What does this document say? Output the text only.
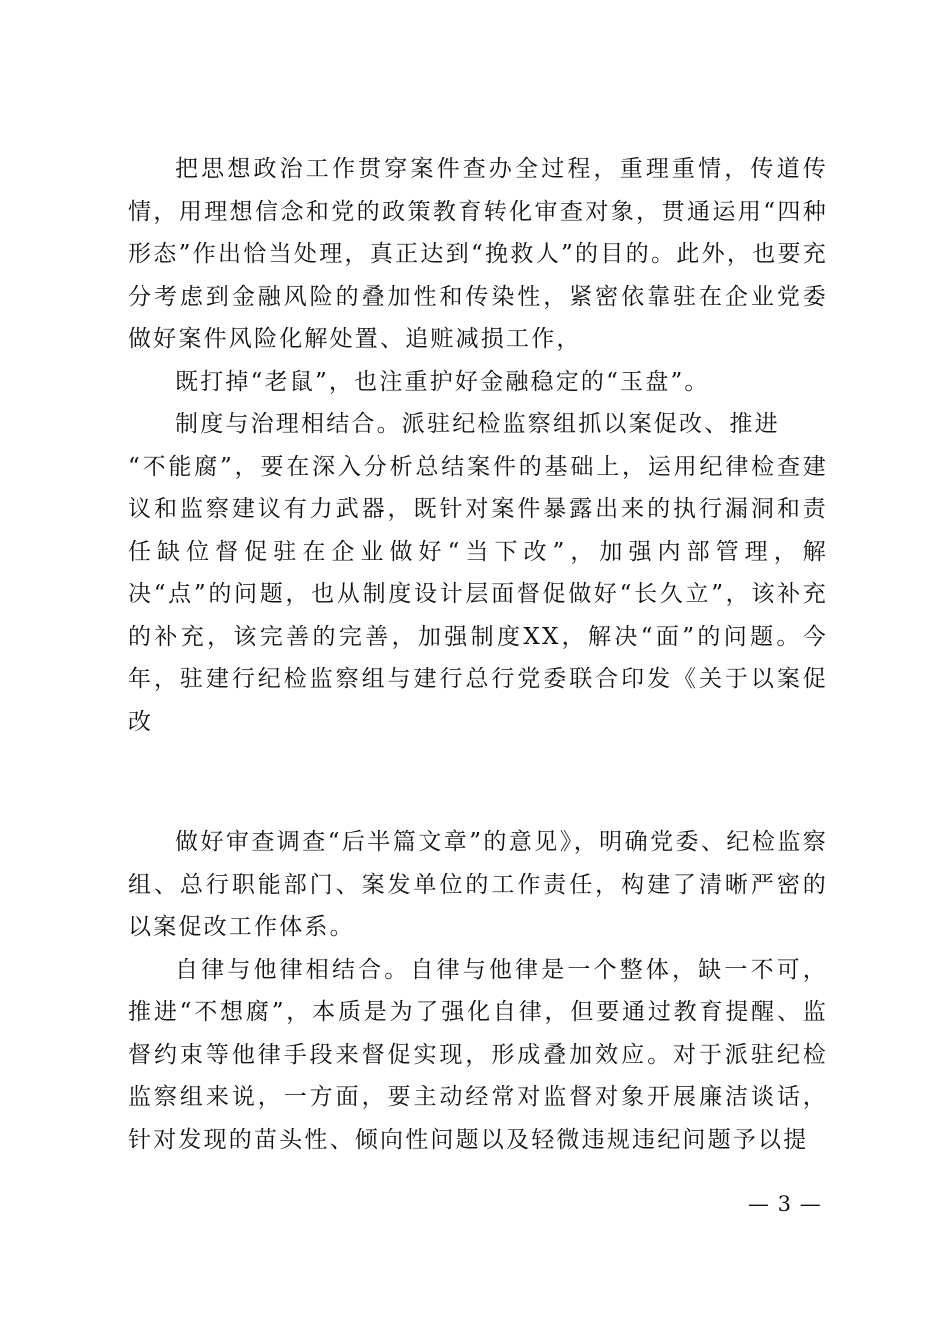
把思想政治工作贯穿案件查办全过程，重理重情，传道传情，用理想信念和党的政策教育转化审查对象，贯通运用“四种形态”作出恰当处理，真正达到“挽救人”的目的。此外，也要充分考虑到金融风险的叠加性和传染性，紧密依靠驻在企业党委做好案件风险化解处置、追赃减损工作，

既打掉“老鼠”，也注重护好金融稳定的“玉盘”。

制度与治理相结合。派驻纪检监察组抓以案促改、推进

“不能腐”，要在深入分析总结案件的基础上，运用纪律检查建议和监察建议有力武器，既针对案件暴露出来的执行漏洞和责任缺位督促驻在企业做好“当下改”，加强内部管理，解决“点”的问题，也从制度设计层面督促做好“长久立”，该补充的补充，该完善的完善，加强制度XX，解决“面”的问题。今年，驻建行纪检监察组与建行总行党委联合印发《关于以案促改

做好审查调查“后半篇文章”的意见》，明确党委、纪检监察组、总行职能部门、案发单位的工作责任，构建了清晰严密的以案促改工作体系。

自律与他律相结合。自律与他律是一个整体，缺一不可，推进“不想腐”，本质是为了强化自律，但要通过教育提醒、监督约束等他律手段来督促实现，形成叠加效应。对于派驻纪检监察组来说，一方面，要主动经常对监督对象开展廉洁谈话，针对发现的苗头性、倾向性问题以及轻微违规违纪问题予以提

— 3 —
